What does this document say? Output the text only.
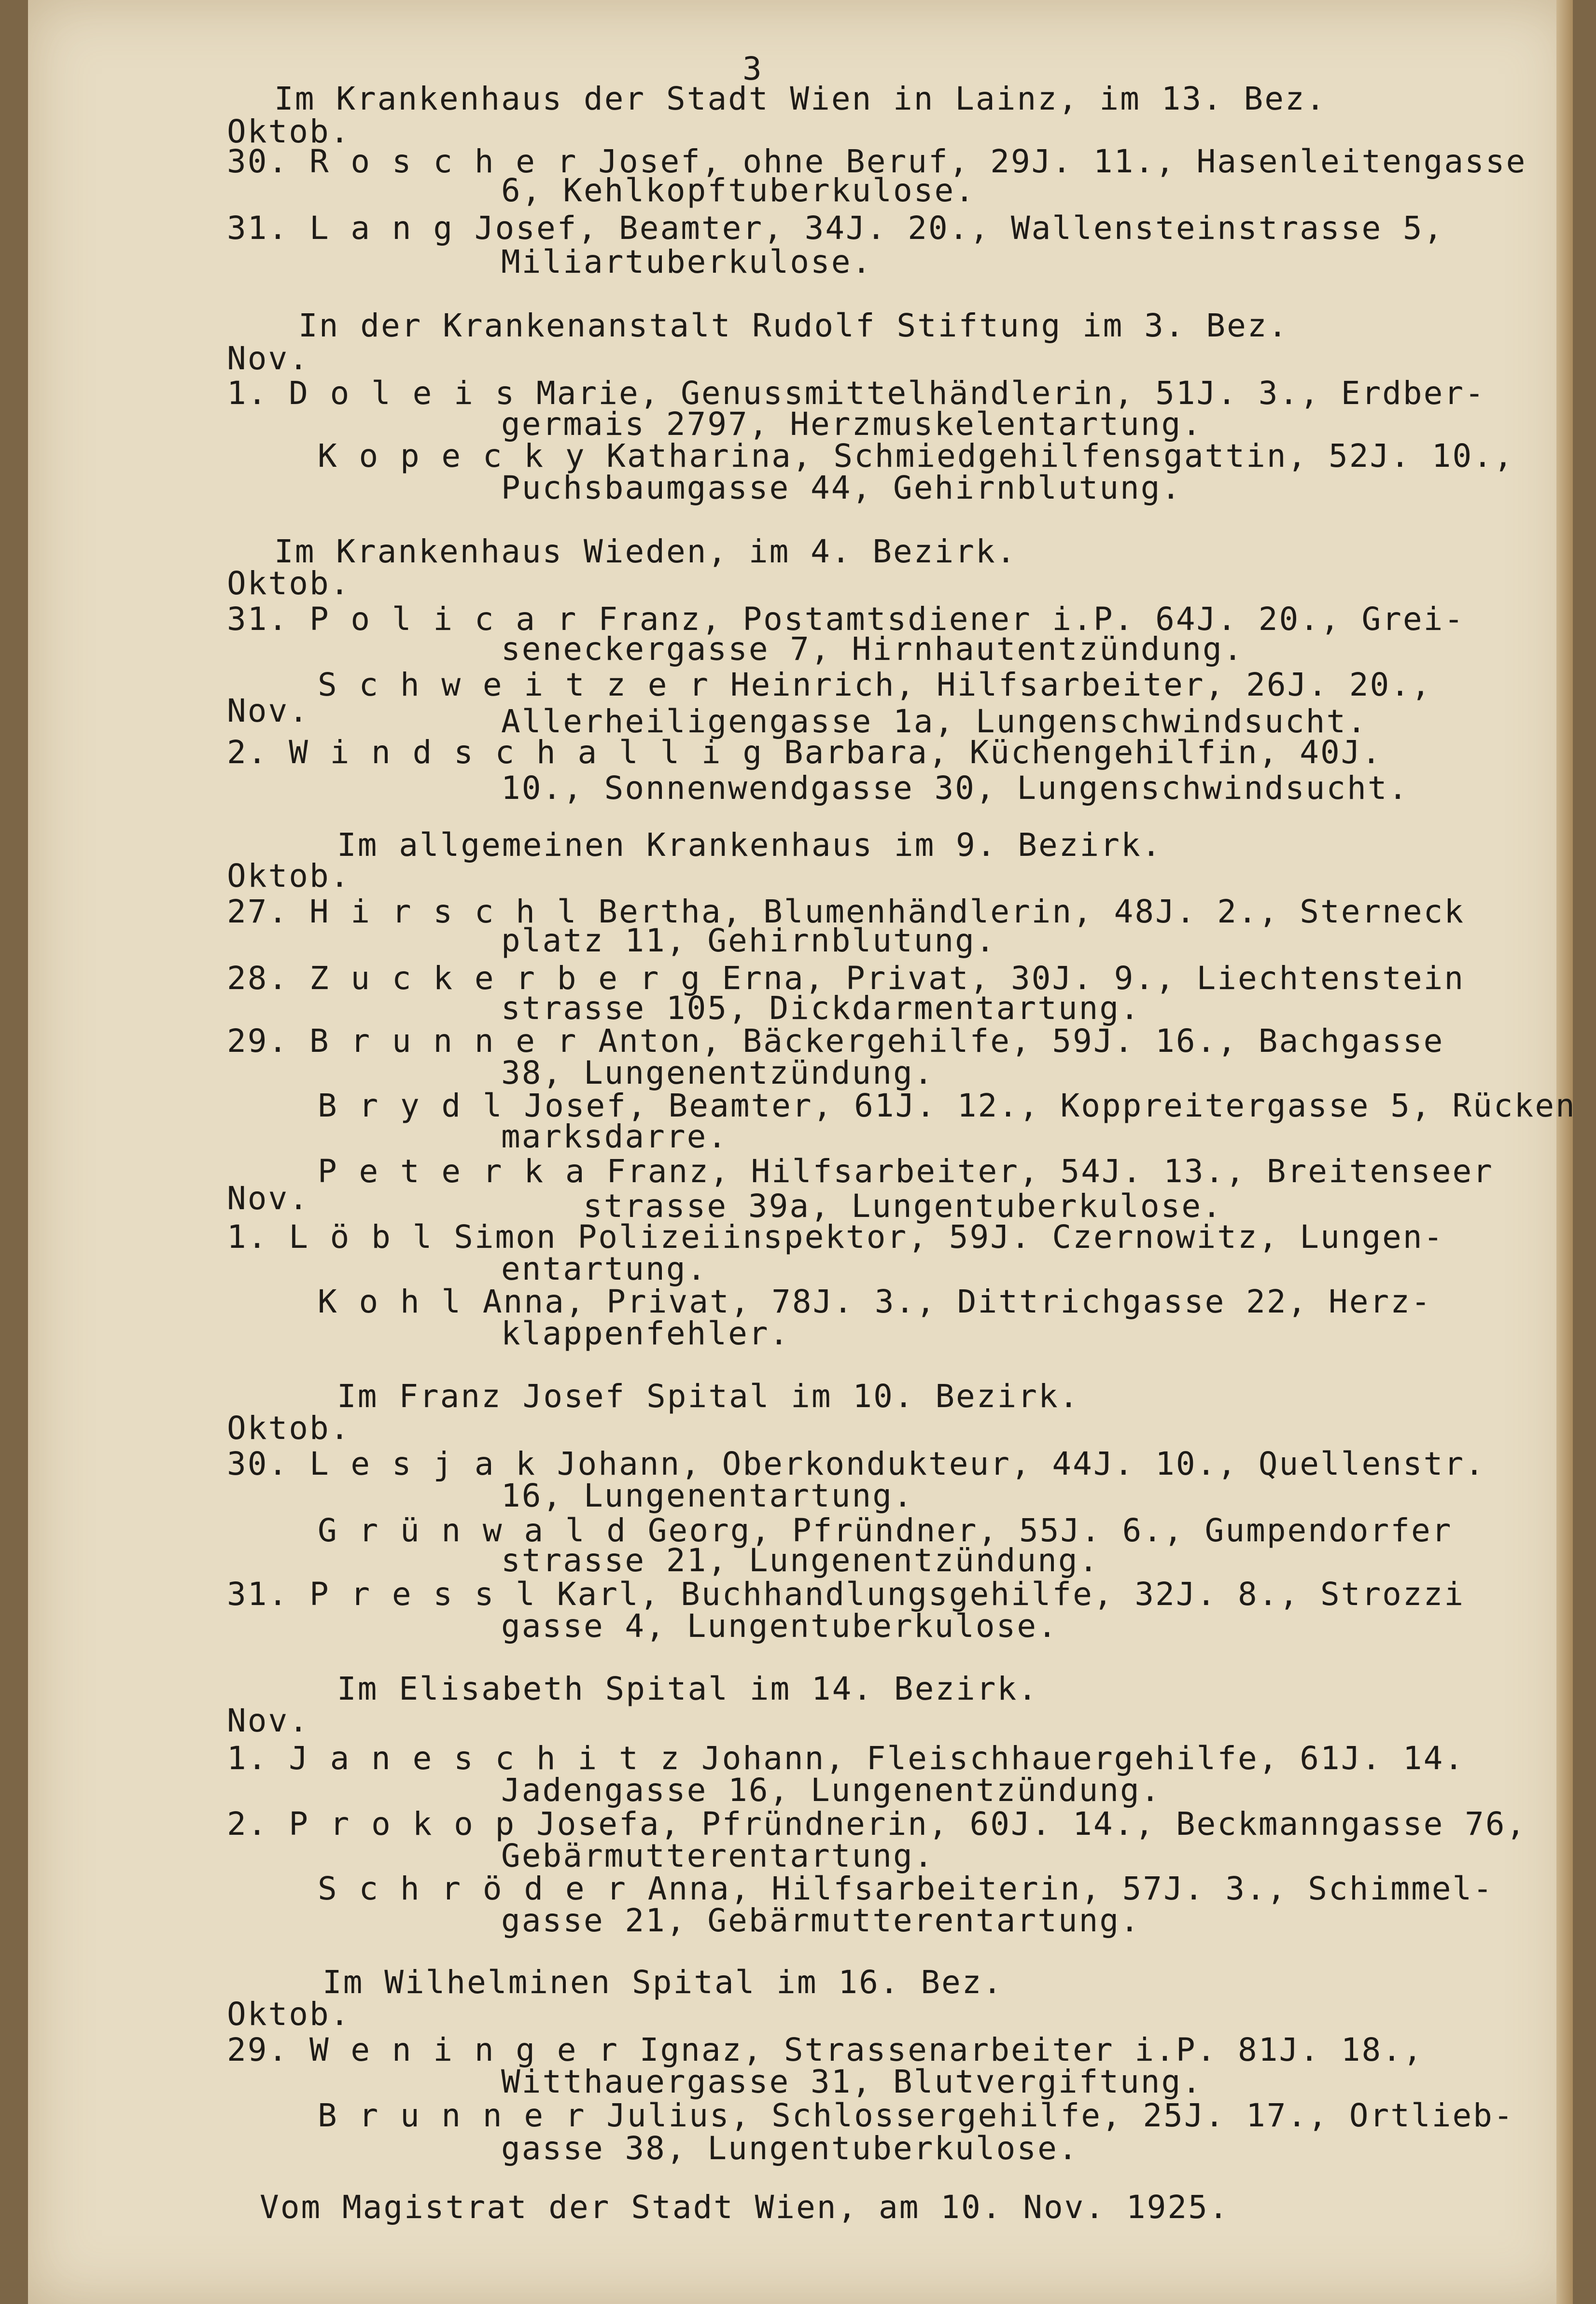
3
Im Krankenhaus der Stadt Wien in Lainz, im 13. Bez.
Oktob.
30. R o s c h e r Josef, ohne Beruf, 29J. 11., Hasenleitengasse
6, Kehlkopftuberkulose.
31. L a n g Josef, Beamter, 34J. 20., Wallensteinstrasse 5,
Miliartuberkulose.
In der Krankenanstalt Rudolf Stiftung im 3. Bez.
Nov.
1. D o l e i s Marie, Genussmittelhändlerin, 51J. 3., Erdber-
germais 2797, Herzmuskelentartung.
K o p e c k y Katharina, Schmiedgehilfensgattin, 52J. 10.,
Puchsbaumgasse 44, Gehirnblutung.
Im Krankenhaus Wieden, im 4. Bezirk.
Oktob.
31. P o l i c a r Franz, Postamtsdiener i.P. 64J. 20., Grei-
seneckergasse 7, Hirnhautentzündung.
S c h w e i t z e r Heinrich, Hilfsarbeiter, 26J. 20.,
Nov.	Allerheiligengasse 1a, Lungenschwindsucht.
2. W i n d s c h a l l i g Barbara, Küchengehilfin, 40J.
10., Sonnenwendgasse 30, Lungenschwindsucht.
Im allgemeinen Krankenhaus im 9. Bezirk.
Oktob.
27. H i r s c h l Bertha, Blumenhändlerin, 48J. 2., Sterneck
platz 11, Gehirnblutung.
28. Z u c k e r b e r g Erna, Privat, 30J. 9., Liechtenstein
strasse 105, Dickdarmentartung.
29. B r u n n e r Anton, Bäckergehilfe, 59J. 16., Bachgasse
38, Lungenentzündung.
B r y d l Josef, Beamter, 61J. 12., Koppreitergasse 5, Rücken
marksdarre.
P e t e r k a Franz, Hilfsarbeiter, 54J. 13., Breitenseer
Nov.	strasse 39a, Lungentuberkulose.
1. L ö b l Simon Polizeiinspektor, 59J. Czernowitz, Lungen-
entartung.
K o h l Anna, Privat, 78J. 3., Dittrichgasse 22, Herz-
klappenfehler.
Im Franz Josef Spital im 10. Bezirk.
Oktob.
30. L e s j a k Johann, Oberkondukteur, 44J. 10., Quellenstr.
16, Lungenentartung.
G r ü n w a l d Georg, Pfründner, 55J. 6., Gumpendorfer
strasse 21, Lungenentzündung.
31. P r e s s l Karl, Buchhandlungsgehilfe, 32J. 8., Strozzi
gasse 4, Lungentuberkulose.
Im Elisabeth Spital im 14. Bezirk.
Nov.
1. J a n e s c h i t z Johann, Fleischhauergehilfe, 61J. 14.
Jadengasse 16, Lungenentzündung.
2. P r o k o p Josefa, Pfründnerin, 60J. 14., Beckmanngasse 76,
Gebärmutterentartung.
S c h r ö d e r Anna, Hilfsarbeiterin, 57J. 3., Schimmel-
gasse 21, Gebärmutterentartung.
Im Wilhelminen Spital im 16. Bez.
Oktob.
29. W e n i n g e r Ignaz, Strassenarbeiter i.P. 81J. 18.,
Witthauergasse 31, Blutvergiftung.
B r u n n e r Julius, Schlossergehilfe, 25J. 17., Ortlieb-
gasse 38, Lungentuberkulose.
Vom Magistrat der Stadt Wien, am 10. Nov. 1925.
